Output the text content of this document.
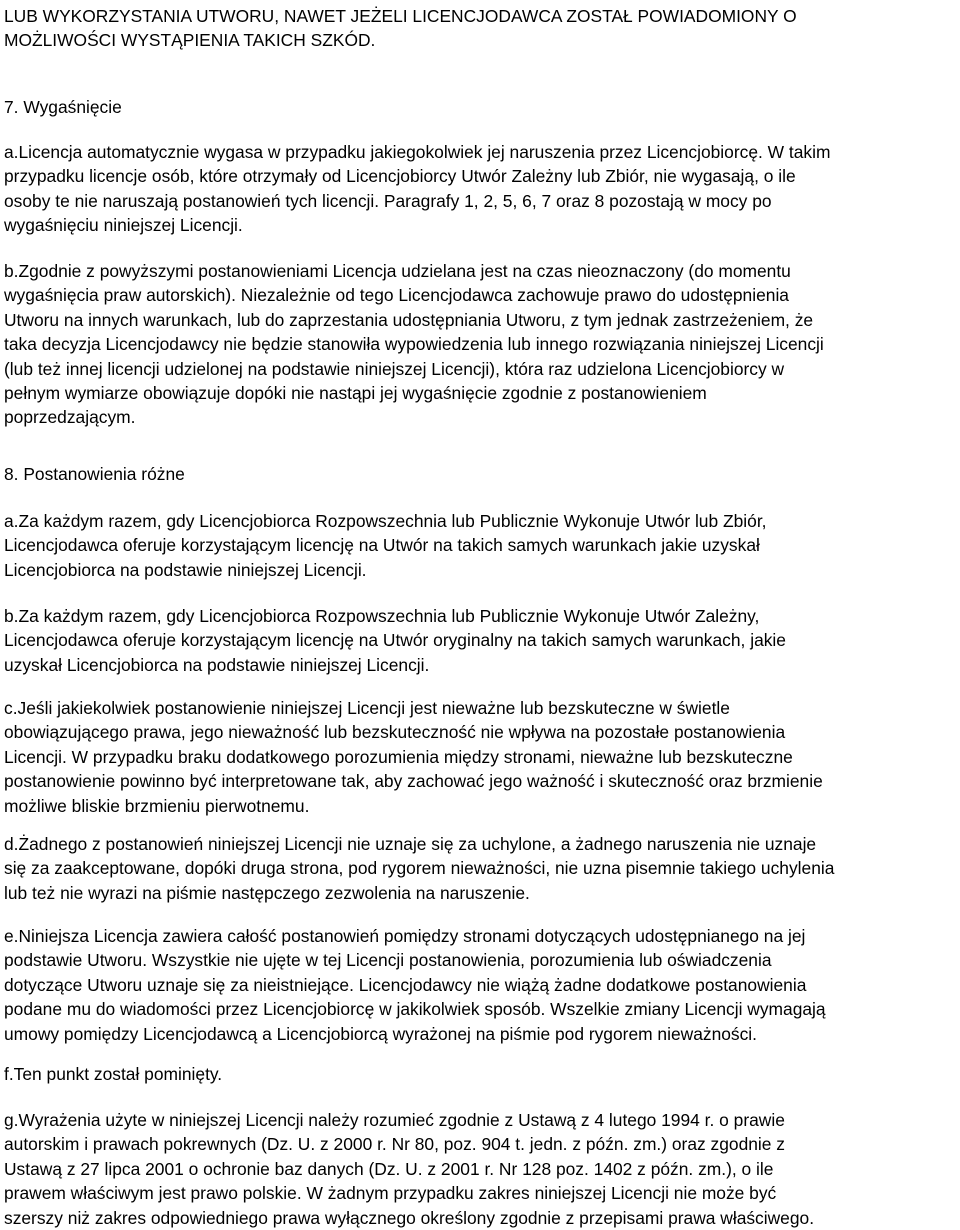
LUB WYKORZYSTANIA UTWORU, NAWET JEŻELI LICENCJODAWCA ZOSTAŁ POWIADOMIONY O
MOŻLIWOŚCI WYSTĄPIENIA TAKICH SZKÓD.

7. Wygaśnięcie

a.Licencja automatycznie wygasa w przypadku jakiegokolwiek jej naruszenia przez Licencjobiorcę. W takim
przypadku licencje osób, które otrzymały od Licencjobiorcy Utwór Zależny lub Zbiór, nie wygasają, o ile
osoby te nie naruszają postanowień tych licencji. Paragrafy 1, 2, 5, 6, 7 oraz 8 pozostają w mocy po
wygaśnięciu niniejszej Licencji.

b.Zgodnie z powyższymi postanowieniami Licencja udzielana jest na czas nieoznaczony (do momentu
wygaśnięcia praw autorskich). Niezależnie od tego Licencjodawca zachowuje prawo do udostępnienia
Utworu na innych warunkach, lub do zaprzestania udostępniania Utworu, z tym jednak zastrzeżeniem, że
taka decyzja Licencjodawcy nie będzie stanowiła wypowiedzenia lub innego rozwiązania niniejszej Licencji
(lub też innej licencji udzielonej na podstawie niniejszej Licencji), która raz udzielona Licencjobiorcy w
pełnym wymiarze obowiązuje dopóki nie nastąpi jej wygaśnięcie zgodnie z postanowieniem
poprzedzającym.

8. Postanowienia różne

a.Za każdym razem, gdy Licencjobiorca Rozpowszechnia lub Publicznie Wykonuje Utwór lub Zbiór,
Licencjodawca oferuje korzystającym licencję na Utwór na takich samych warunkach jakie uzyskał
Licencjobiorca na podstawie niniejszej Licencji.

b.Za każdym razem, gdy Licencjobiorca Rozpowszechnia lub Publicznie Wykonuje Utwór Zależny,
Licencjodawca oferuje korzystającym licencję na Utwór oryginalny na takich samych warunkach, jakie
uzyskał Licencjobiorca na podstawie niniejszej Licencji.

c.Jeśli jakiekolwiek postanowienie niniejszej Licencji jest nieważne lub bezskuteczne w świetle
obowiązującego prawa, jego nieważność lub bezskuteczność nie wpływa na pozostałe postanowienia
Licencji. W przypadku braku dodatkowego porozumienia między stronami, nieważne lub bezskuteczne
postanowienie powinno być interpretowane tak, aby zachować jego ważność i skuteczność oraz brzmienie
możliwe bliskie brzmieniu pierwotnemu.

d.Żadnego z postanowień niniejszej Licencji nie uznaje się za uchylone, a żadnego naruszenia nie uznaje
się za zaakceptowane, dopóki druga strona, pod rygorem nieważności, nie uzna pisemnie takiego uchylenia
lub też nie wyrazi na piśmie następczego zezwolenia na naruszenie.

e.Niniejsza Licencja zawiera całość postanowień pomiędzy stronami dotyczących udostępnianego na jej
podstawie Utworu. Wszystkie nie ujęte w tej Licencji postanowienia, porozumienia lub oświadczenia
dotyczące Utworu uznaje się za nieistniejące. Licencjodawcy nie wiążą żadne dodatkowe postanowienia
podane mu do wiadomości przez Licencjobiorcę w jakikolwiek sposób. Wszelkie zmiany Licencji wymagają
umowy pomiędzy Licencjodawcą a Licencjobiorcą wyrażonej na piśmie pod rygorem nieważności.

f.Ten punkt został pominięty.

g.Wyrażenia użyte w niniejszej Licencji należy rozumieć zgodnie z Ustawą z 4 lutego 1994 r. o prawie
autorskim i prawach pokrewnych (Dz. U. z 2000 r. Nr 80, poz. 904 t. jedn. z późn. zm.) oraz zgodnie z
Ustawą z 27 lipca 2001 o ochronie baz danych (Dz. U. z 2001 r. Nr 128 poz. 1402 z późn. zm.), o ile
prawem właściwym jest prawo polskie. W żadnym przypadku zakres niniejszej Licencji nie może być
szerszy niż zakres odpowiedniego prawa wyłącznego określony zgodnie z przepisami prawa właściwego.
